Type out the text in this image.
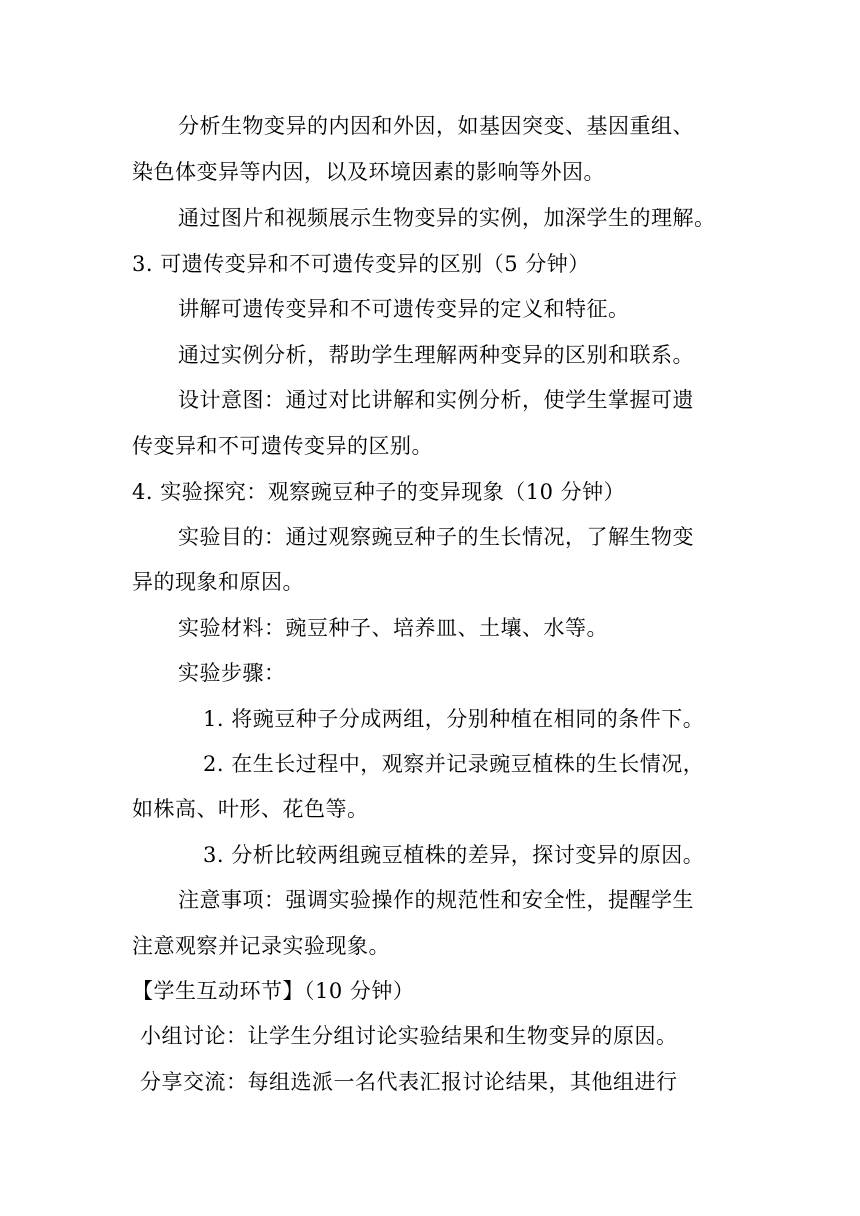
分析生物变异的内因和外因，如基因突变、基因重组、
染色体变异等内因，以及环境因素的影响等外因。
通过图片和视频展示生物变异的实例，加深学生的理解。
3. 可遗传变异和不可遗传变异的区别（5 分钟）
讲解可遗传变异和不可遗传变异的定义和特征。
通过实例分析，帮助学生理解两种变异的区别和联系。
设计意图：通过对比讲解和实例分析，使学生掌握可遗
传变异和不可遗传变异的区别。
4. 实验探究：观察豌豆种子的变异现象（10 分钟）
实验目的：通过观察豌豆种子的生长情况，了解生物变
异的现象和原因。
实验材料：豌豆种子、培养皿、土壤、水等。
实验步骤：
1. 将豌豆种子分成两组，分别种植在相同的条件下。
2. 在生长过程中，观察并记录豌豆植株的生长情况，
如株高、叶形、花色等。
3. 分析比较两组豌豆植株的差异，探讨变异的原因。
注意事项：强调实验操作的规范性和安全性，提醒学生
注意观察并记录实验现象。
【学生互动环节】（10 分钟）
小组讨论：让学生分组讨论实验结果和生物变异的原因。
分享交流：每组选派一名代表汇报讨论结果，其他组进行
